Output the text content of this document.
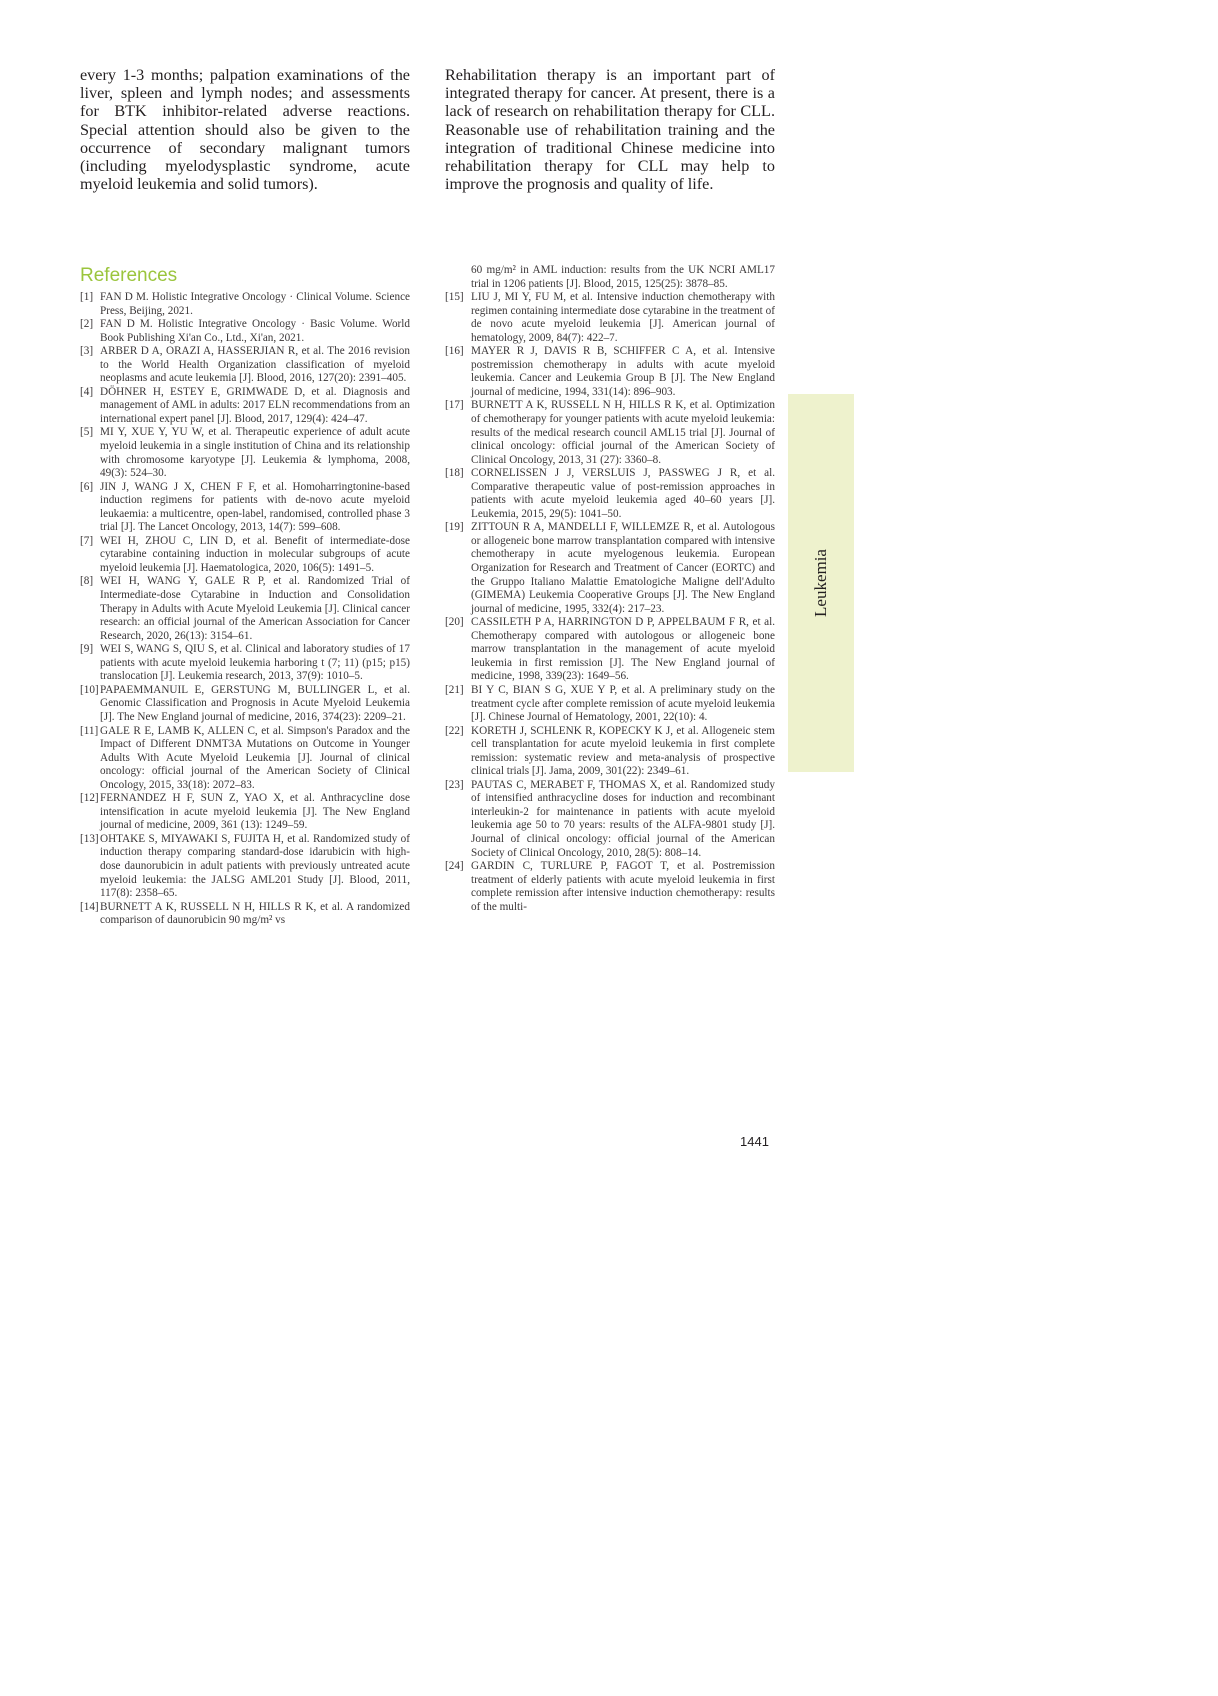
every 1-3 months; palpation examinations of the liver, spleen and lymph nodes; and assessments for BTK inhibitor-related adverse reactions. Special attention should also be given to the occurrence of secondary malignant tumors (including myelodysplastic syndrome, acute myeloid leukemia and solid tumors).

Rehabilitation therapy is an important part of integrated therapy for cancer. At present, there is a lack of research on rehabilitation therapy for CLL. Reasonable use of rehabilitation training and the integration of traditional Chinese medicine into rehabilitation therapy for CLL may help to improve the prognosis and quality of life.

References
[1] FAN D M. Holistic Integrative Oncology · Clinical Volume. Science Press, Beijing, 2021.
[2] FAN D M. Holistic Integrative Oncology · Basic Volume. World Book Publishing Xi'an Co., Ltd., Xi'an, 2021.
[3] ARBER D A, ORAZI A, HASSERJIAN R, et al. The 2016 revision to the World Health Organization classification of myeloid neoplasms and acute leukemia [J]. Blood, 2016, 127(20): 2391–405.
[4] DÖHNER H, ESTEY E, GRIMWADE D, et al. Diagnosis and management of AML in adults: 2017 ELN recommendations from an international expert panel [J]. Blood, 2017, 129(4): 424–47.
[5] MI Y, XUE Y, YU W, et al. Therapeutic experience of adult acute myeloid leukemia in a single institution of China and its relationship with chromosome karyotype [J]. Leukemia & lymphoma, 2008, 49(3): 524–30.
[6] JIN J, WANG J X, CHEN F F, et al. Homoharringtonine-based induction regimens for patients with de-novo acute myeloid leukaemia: a multicentre, open-label, randomised, controlled phase 3 trial [J]. The Lancet Oncology, 2013, 14(7): 599–608.
[7] WEI H, ZHOU C, LIN D, et al. Benefit of intermediate-dose cytarabine containing induction in molecular subgroups of acute myeloid leukemia [J]. Haematologica, 2020, 106(5): 1491–5.
[8] WEI H, WANG Y, GALE R P, et al. Randomized Trial of Intermediate-dose Cytarabine in Induction and Consolidation Therapy in Adults with Acute Myeloid Leukemia [J]. Clinical cancer research: an official journal of the American Association for Cancer Research, 2020, 26(13): 3154–61.
[9] WEI S, WANG S, QIU S, et al. Clinical and laboratory studies of 17 patients with acute myeloid leukemia harboring t (7; 11) (p15; p15) translocation [J]. Leukemia research, 2013, 37(9): 1010–5.
[10]PAPAEMMANUIL E, GERSTUNG M, BULLINGER L, et al. Genomic Classification and Prognosis in Acute Myeloid Leukemia [J]. The New England journal of medicine, 2016, 374(23): 2209–21.
[11] GALE R E, LAMB K, ALLEN C, et al. Simpson's Paradox and the Impact of Different DNMT3A Mutations on Outcome in Younger Adults With Acute Myeloid Leukemia [J]. Journal of clinical oncology: official journal of the American Society of Clinical Oncology, 2015, 33(18): 2072–83.
[12]FERNANDEZ H F, SUN Z, YAO X, et al. Anthracycline dose intensification in acute myeloid leukemia [J]. The New England journal of medicine, 2009, 361 (13): 1249–59.
[13]OHTAKE S, MIYAWAKI S, FUJITA H, et al. Randomized study of induction therapy comparing standard-dose idarubicin with high-dose daunorubicin in adult patients with previously untreated acute myeloid leukemia: the JALSG AML201 Study [J]. Blood, 2011, 117(8): 2358–65.
[14]BURNETT A K, RUSSELL N H, HILLS R K, et al. A randomized comparison of daunorubicin 90 mg/m² vs
60 mg/m² in AML induction: results from the UK NCRI AML17 trial in 1206 patients [J]. Blood, 2015, 125(25): 3878–85.
[15] LIU J, MI Y, FU M, et al. Intensive induction chemotherapy with regimen containing intermediate dose cytarabine in the treatment of de novo acute myeloid leukemia [J]. American journal of hematology, 2009, 84(7): 422–7.
[16] MAYER R J, DAVIS R B, SCHIFFER C A, et al. Intensive postremission chemotherapy in adults with acute myeloid leukemia. Cancer and Leukemia Group B [J]. The New England journal of medicine, 1994, 331(14): 896–903.
[17] BURNETT A K, RUSSELL N H, HILLS R K, et al. Optimization of chemotherapy for younger patients with acute myeloid leukemia: results of the medical research council AML15 trial [J]. Journal of clinical oncology: official journal of the American Society of Clinical Oncology, 2013, 31 (27): 3360–8.
[18] CORNELISSEN J J, VERSLUIS J, PASSWEG J R, et al. Comparative therapeutic value of post-remission approaches in patients with acute myeloid leukemia aged 40–60 years [J]. Leukemia, 2015, 29(5): 1041–50.
[19] ZITTOUN R A, MANDELLI F, WILLEMZE R, et al. Autologous or allogeneic bone marrow transplantation compared with intensive chemotherapy in acute myelogenous leukemia. European Organization for Research and Treatment of Cancer (EORTC) and the Gruppo Italiano Malattie Ematologiche Maligne dell'Adulto (GIMEMA) Leukemia Cooperative Groups [J]. The New England journal of medicine, 1995, 332(4): 217–23.
[20] CASSILETH P A, HARRINGTON D P, APPELBAUM F R, et al. Chemotherapy compared with autologous or allogeneic bone marrow transplantation in the management of acute myeloid leukemia in first remission [J]. The New England journal of medicine, 1998, 339(23): 1649–56.
[21] BI Y C, BIAN S G, XUE Y P, et al. A preliminary study on the treatment cycle after complete remission of acute myeloid leukemia [J]. Chinese Journal of Hematology, 2001, 22(10): 4.
[22] KORETH J, SCHLENK R, KOPECKY K J, et al. Allogeneic stem cell transplantation for acute myeloid leukemia in first complete remission: systematic review and meta-analysis of prospective clinical trials [J]. Jama, 2009, 301(22): 2349–61.
[23] PAUTAS C, MERABET F, THOMAS X, et al. Randomized study of intensified anthracycline doses for induction and recombinant interleukin-2 for maintenance in patients with acute myeloid leukemia age 50 to 70 years: results of the ALFA-9801 study [J]. Journal of clinical oncology: official journal of the American Society of Clinical Oncology, 2010, 28(5): 808–14.
[24] GARDIN C, TURLURE P, FAGOT T, et al. Postremission treatment of elderly patients with acute myeloid leukemia in first complete remission after intensive induction chemotherapy: results of the multi-
Leukemia
1441
